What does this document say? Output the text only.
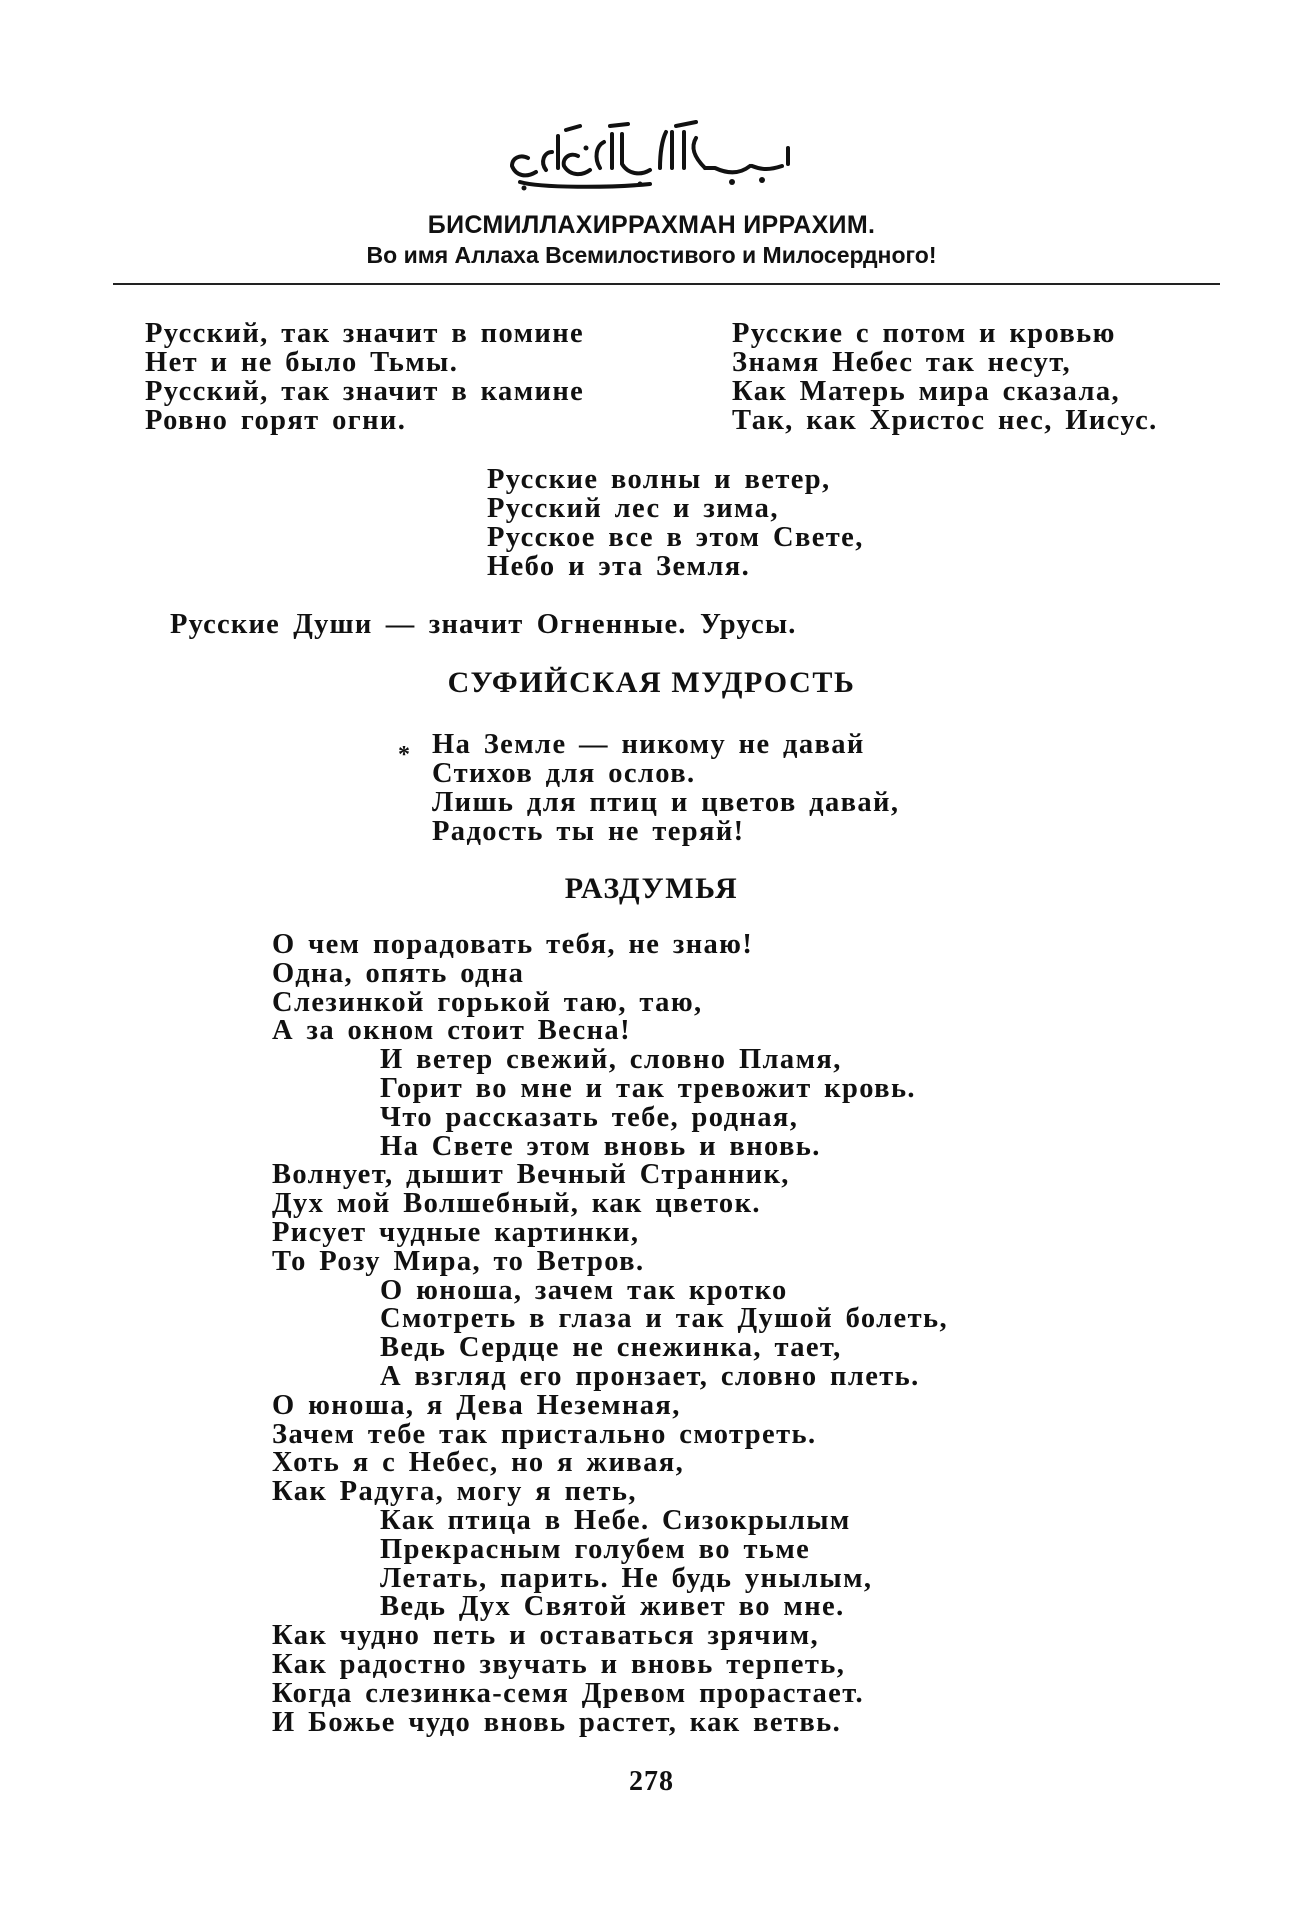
БИСМИЛЛАХИРРАХМАН ИРРАХИМ.
Во имя Аллаха Всемилостивого и Милосердного!
Русский, так значит в помине
Нет и не было Тьмы.
Русский, так значит в камине
Ровно горят огни.
Русские с потом и кровью
Знамя Небес так несут,
Как Матерь мира сказала,
Так, как Христос нес, Иисус.
Русские волны и ветер,
Русский лес и зима,
Русское все в этом Свете,
Небо и эта Земля.
Русские Души — значит Огненные. Урусы.
СУФИЙСКАЯ МУДРОСТЬ
* На Земле — никому не давай
Стихов для ослов.
Лишь для птиц и цветов давай,
Радость ты не теряй!
РАЗДУМЬЯ
О чем порадовать тебя, не знаю!
Одна, опять одна
Слезинкой горькой таю, таю,
А за окном стоит Весна!
И ветер свежий, словно Пламя,
Горит во мне и так тревожит кровь.
Что рассказать тебе, родная,
На Свете этом вновь и вновь.
Волнует, дышит Вечный Странник,
Дух мой Волшебный, как цветок.
Рисует чудные картинки,
То Розу Мира, то Ветров.
О юноша, зачем так кротко
Смотреть в глаза и так Душой болеть,
Ведь Сердце не снежинка, тает,
А взгляд его пронзает, словно плеть.
О юноша, я Дева Неземная,
Зачем тебе так пристально смотреть.
Хоть я с Небес, но я живая,
Как Радуга, могу я петь,
Как птица в Небе. Сизокрылым
Прекрасным голубем во тьме
Летать, парить. Не будь унылым,
Ведь Дух Святой живет во мне.
Как чудно петь и оставаться зрячим,
Как радостно звучать и вновь терпеть,
Когда слезинка-семя Древом прорастает.
И Божье чудо вновь растет, как ветвь.
278
